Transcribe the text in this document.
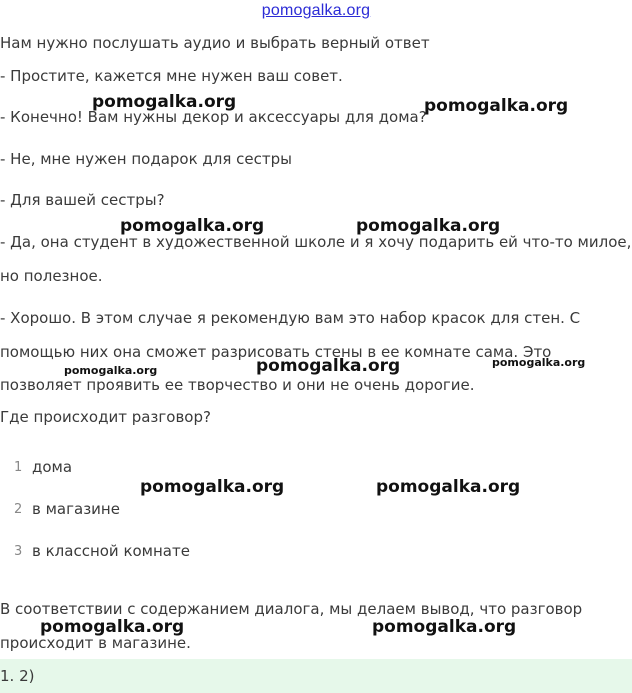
pomogalka.org
Нам нужно послушать аудио и выбрать верный ответ
- Простите, кажется мне нужен ваш совет.
- Конечно! Вам нужны декор и аксессуары для дома?
- Не, мне нужен подарок для сестры
- Для вашей сестры?
- Да, она студент в художественной школе и я хочу подарить ей что-то милое,
но полезное.
- Хорошо. В этом случае я рекомендую вам это набор красок для стен. С
помощью них она сможет разрисовать стены в ее комнате сама. Это
позволяет проявить ее творчество и они не очень дорогие.
Где происходит разговор?
1 дома
2 в магазине
3 в классной комнате
В соответствии с содержанием диалога, мы делаем вывод, что разговор
происходит в магазине.
1. 2)
pomogalka.org	pomogalka.org
pomogalka.org	pomogalka.org
pomogalka.org
pomogalka.org
pomogalka.org
pomogalka.org	pomogalka.org
pomogalka.org	pomogalka.org
